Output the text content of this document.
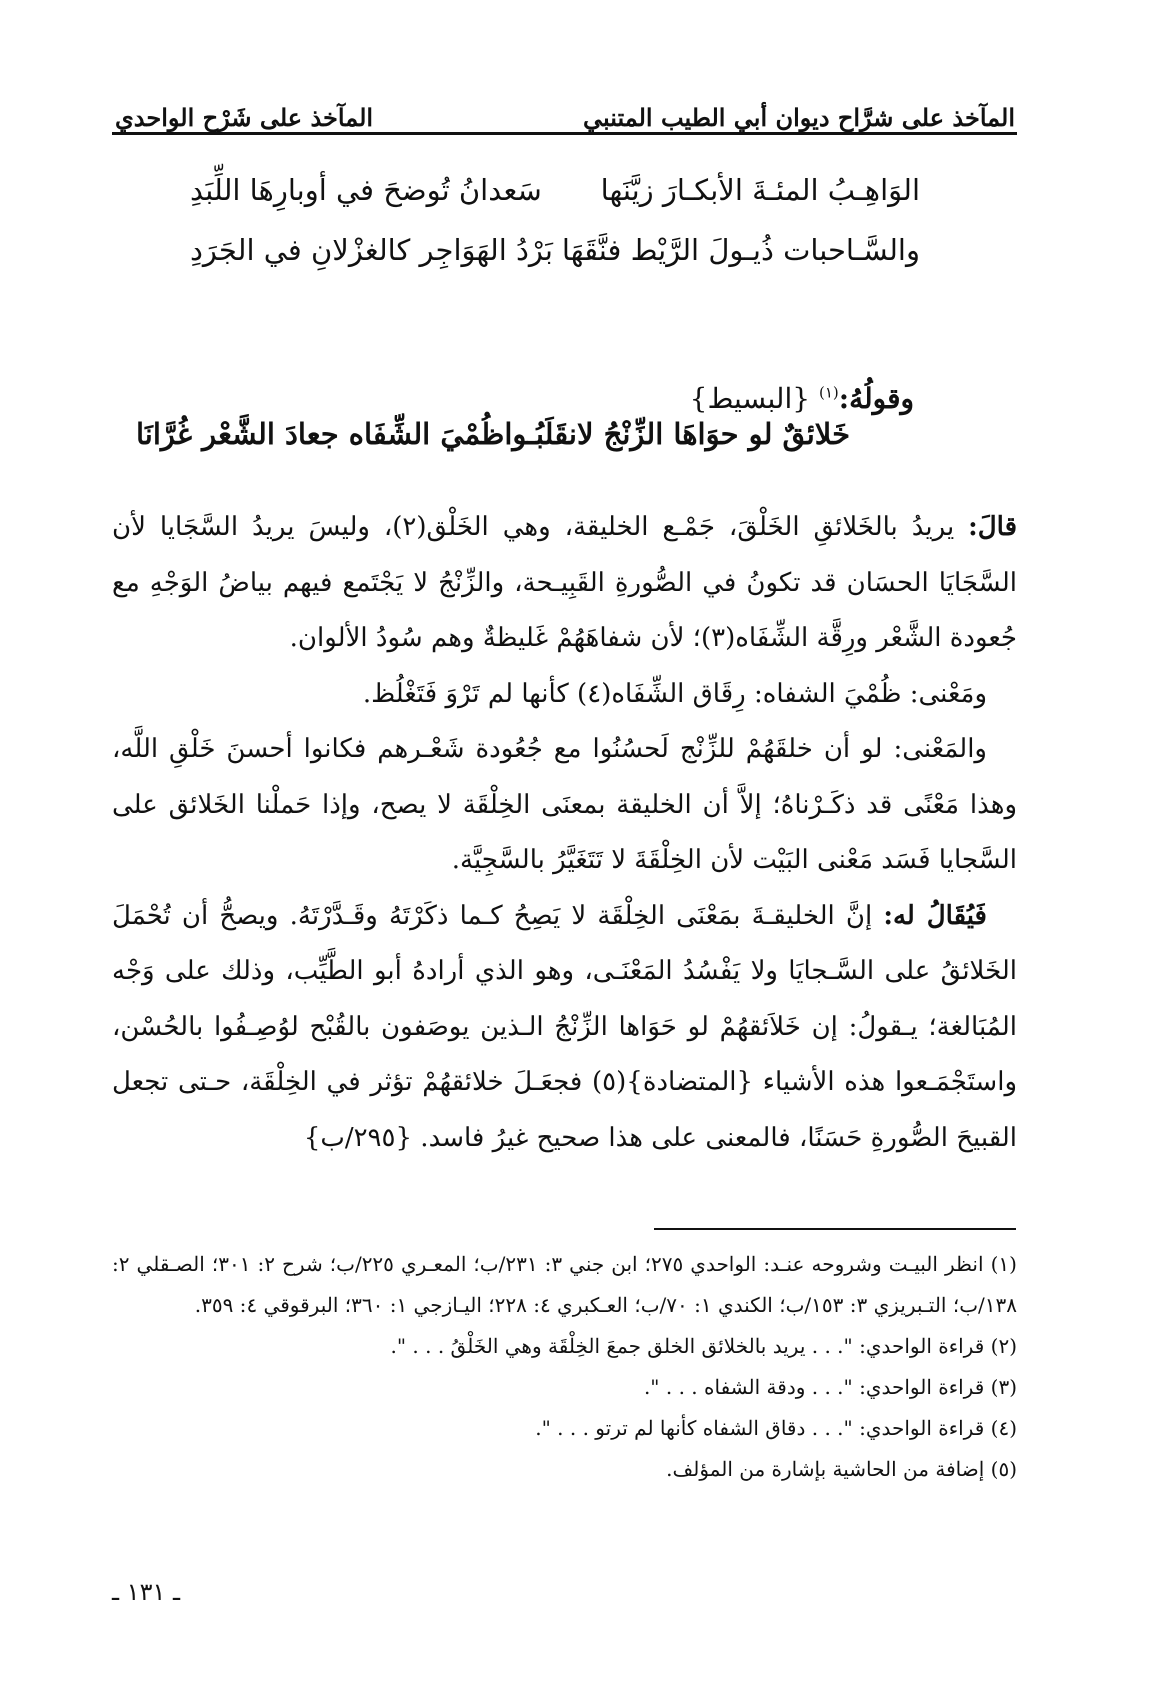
المآخذ على شرَّاح ديوان أبي الطيب المتنبي
المآخذ على شَرْح الواحدي
الوَاهِـبُ المئـةَ الأبكـارَ زيَّنَها
سَعدانُ تُوضحَ في أوبارِهَا اللِّبَدِ
والسَّـاحبات ذُيـولَ الرَّيْط فنَّقَهَا
بَرْدُ الهَوَاجِر كالغزْلانِ في الجَرَدِ
وقولُهُ:$^{(١)}$ {البسيط}
خَلائقٌ لو حوَاهَا الزِّنْجُ لانقَلَبُـوا
ظُمْيَ الشِّفَاه جعادَ الشَّعْر غُرَّانَا

قالَ: يريدُ بالخَلائقِ الخَلْقَ، جَمْـع الخليقة، وهي الخَلْق(٢)، وليسَ يريدُ السَّجَايا لأن السَّجَايَا الحسَان قد تكونُ في الصُّورةِ القَبِيـحة، والزِّنْجُ لا يَجْتَمع فيهم بياضُ الوَجْهِ مع جُعودة الشَّعْر ورِقَّة الشِّفَاه(٣)؛ لأن شفاهَهُمْ غَليظةٌ وهم سُودُ الألوان.

ومَعْنى: ظُمْيَ الشفاه: رِقَاق الشِّفَاه(٤) كأنها لم تَرْوَ فَتَغْلُظ.

والمَعْنى: لو أن خلقَهُمْ للزِّنْج لَحسُنُوا مع جُعُودة شَعْـرهم فكانوا أحسنَ خَلْقِ اللَّه، وهذا مَعْنًى قد ذكَـرْناهُ؛ إلاَّ أن الخليقة بمعنَى الخِلْقَة لا يصح، وإذا حَملْنا الخَلائق على السَّجايا فَسَد مَعْنى البَيْت لأن الخِلْقَةَ لا تَتَغَيَّرُ بالسَّجِيَّة.

فَيُقَالُ له: إنَّ الخليقـةَ بمَعْنَى الخِلْقَة لا يَصِحُ كـما ذكَرْتَهُ وقَـدَّرْتَهُ. ويصحُّ أن تُحْمَلَ الخَلائقُ على السَّـجايَا ولا يَفْسُدُ المَعْنَـى، وهو الذي أرادهُ أبو الطَّيِّب، وذلك على وَجْه المُبَالغة؛ يـقولُ: إن خَلاَئقهُمْ لو حَوَاها الزِّنْجُ الـذين يوصَفون بالقُبْح لوُصِـفُوا بالحُسْن، واستَجْمَـعوا هذه الأشياء {المتضادة}(٥) فجعَـلَ خلائقهُمْ تؤثر في الخِلْقَة، حـتى تجعل القبيحَ الصُّورةِ حَسَنًا، فالمعنى على هذا صحيح غيرُ فاسد. {٢٩٥/ب}

(١) انظر البيـت وشروحه عنـد: الواحدي ٢٧٥؛ ابن جني ٣: ٢٣١/ب؛ المعـري ٢٢٥/ب؛ شرح ٢: ٣٠١؛ الصـقلي ٢: ١٣٨/ب؛ التـبريزي ٣: ١٥٣/ب؛ الكندي ١: ٧٠/ب؛ العـكبري ٤: ٢٢٨؛ اليـازجي ١: ٣٦٠؛ البرقوقي ٤: ٣٥٩.

(٢) قراءة الواحدي: ". . . يريد بالخلائق الخلق جمعَ الخِلْقَة وهي الخَلْقُ . . . ".

(٣) قراءة الواحدي: ". . . ودقة الشفاه . . . ".

(٤) قراءة الواحدي: ". . . دقاق الشفاه كأنها لم ترتو . . . ".

(٥) إضافة من الحاشية بإشارة من المؤلف.

ـ ١٣١ ـ
